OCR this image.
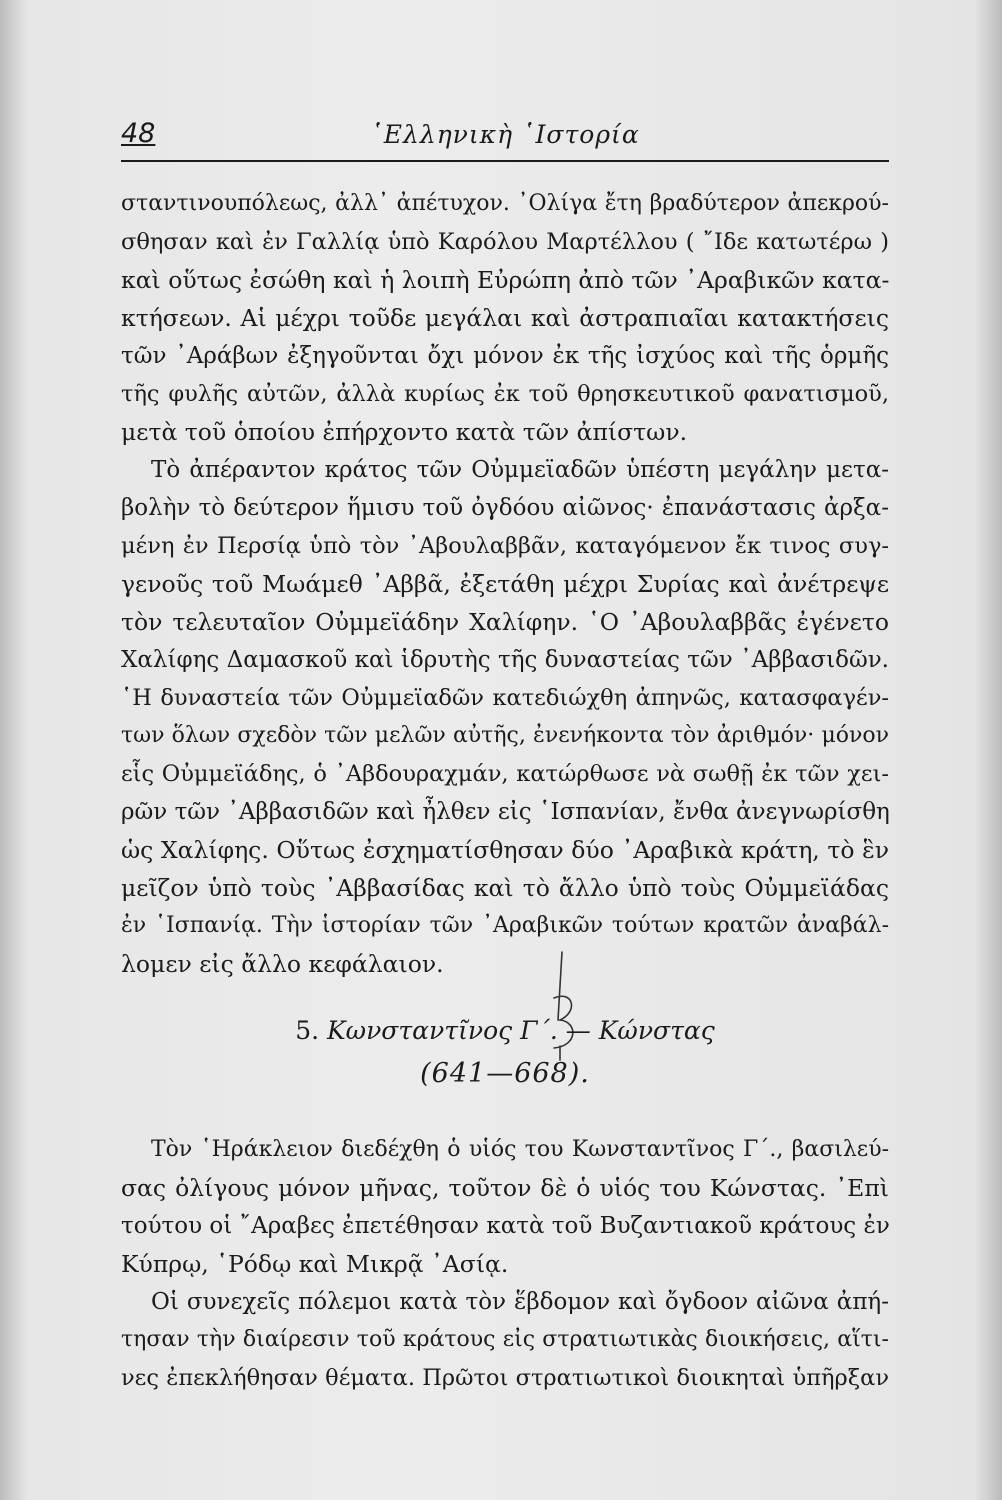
48	῾Ελληνικὴ ῾Ιστορία
σταντινουπόλεως, ἀλλ᾿ ἀπέτυχον. ᾿Ολίγα ἔτη βραδύτερον ἀπεκρού-
σθησαν καὶ ἐν Γαλλίᾳ ὑπὸ Καρόλου Μαρτέλλου ( ῎Ιδε κατωτέρω )
καὶ οὕτως ἐσώθη καὶ ἡ λοιπὴ Εὐρώπη ἀπὸ τῶν ᾿Αραβικῶν κατα-
κτήσεων. Αἱ μέχρι τοῦδε μεγάλαι καὶ ἀστραπιαῖαι κατακτήσεις
τῶν ᾿Αράβων ἐξηγοῦνται ὄχι μόνον ἐκ τῆς ἰσχύος καὶ τῆς ὁρμῆς
τῆς φυλῆς αὐτῶν, ἀλλὰ κυρίως ἐκ τοῦ θρησκευτικοῦ φανατισμοῦ,
μετὰ τοῦ ὁποίου ἐπήρχοντο κατὰ τῶν ἀπίστων.
Τὸ ἀπέραντον κράτος τῶν Οὐμμεϊαδῶν ὑπέστη μεγάλην μετα-
βολὴν τὸ δεύτερον ἥμισυ τοῦ ὀγδόου αἰῶνος· ἐπανάστασις ἀρξα-
μένη ἐν Περσίᾳ ὑπὸ τὸν ᾿Αβουλαββᾶν, καταγόμενον ἔκ τινος συγ-
γενοῦς τοῦ Μωάμεθ ᾿Αββᾶ, ἐξετάθη μέχρι Συρίας καὶ ἀνέτρεψε
τὸν τελευταῖον Οὐμμεϊάδην Χαλίφην. ῾Ο ᾿Αβουλαββᾶς ἐγένετο
Χαλίφης Δαμασκοῦ καὶ ἱδρυτὴς τῆς δυναστείας τῶν ᾿Αββασιδῶν.
῾Η δυναστεία τῶν Οὐμμεϊαδῶν κατεδιώχθη ἀπηνῶς, κατασφαγέν-
των ὅλων σχεδὸν τῶν μελῶν αὐτῆς, ἐνενήκοντα τὸν ἀριθμόν· μόνον
εἷς Οὐμμεϊάδης, ὁ ᾿Αβδουραχμάν, κατώρθωσε νὰ σωθῇ ἐκ τῶν χει-
ρῶν τῶν ᾿Αββασιδῶν καὶ ἦλθεν εἰς ῾Ισπανίαν, ἔνθα ἀνεγνωρίσθη
ὡς Χαλίφης. Οὕτως ἐσχηματίσθησαν δύο ᾿Αραβικὰ κράτη, τὸ ἓν
μεῖζον ὑπὸ τοὺς ᾿Αββασίδας καὶ τὸ ἄλλο ὑπὸ τοὺς Οὐμμεϊάδας
ἐν ῾Ισπανίᾳ. Τὴν ἱστορίαν τῶν ᾿Αραβικῶν τούτων κρατῶν ἀναβάλ-
λομεν εἰς ἄλλο κεφάλαιον.
5. Κωνσταντῖνος Γ΄. — Κώνστας
(641—668).
Τὸν ῾Ηράκλειον διεδέχθη ὁ υἱός του Κωνσταντῖνος Γ΄., βασιλεύ-
σας ὀλίγους μόνον μῆνας, τοῦτον δὲ ὁ υἱός του Κώνστας. ᾿Επὶ
τούτου οἱ ῎Αραβες ἐπετέθησαν κατὰ τοῦ Βυζαντιακοῦ κράτους ἐν
Κύπρῳ, ῾Ρόδῳ καὶ Μικρᾷ ᾿Ασίᾳ.
Οἱ συνεχεῖς πόλεμοι κατὰ τὸν ἕβδομον καὶ ὄγδοον αἰῶνα ἀπή-
τησαν τὴν διαίρεσιν τοῦ κράτους εἰς στρατιωτικὰς διοικήσεις, αἵτι-
νες ἐπεκλήθησαν θέματα. Πρῶτοι στρατιωτικοὶ διοικηταὶ ὑπῆρξαν
